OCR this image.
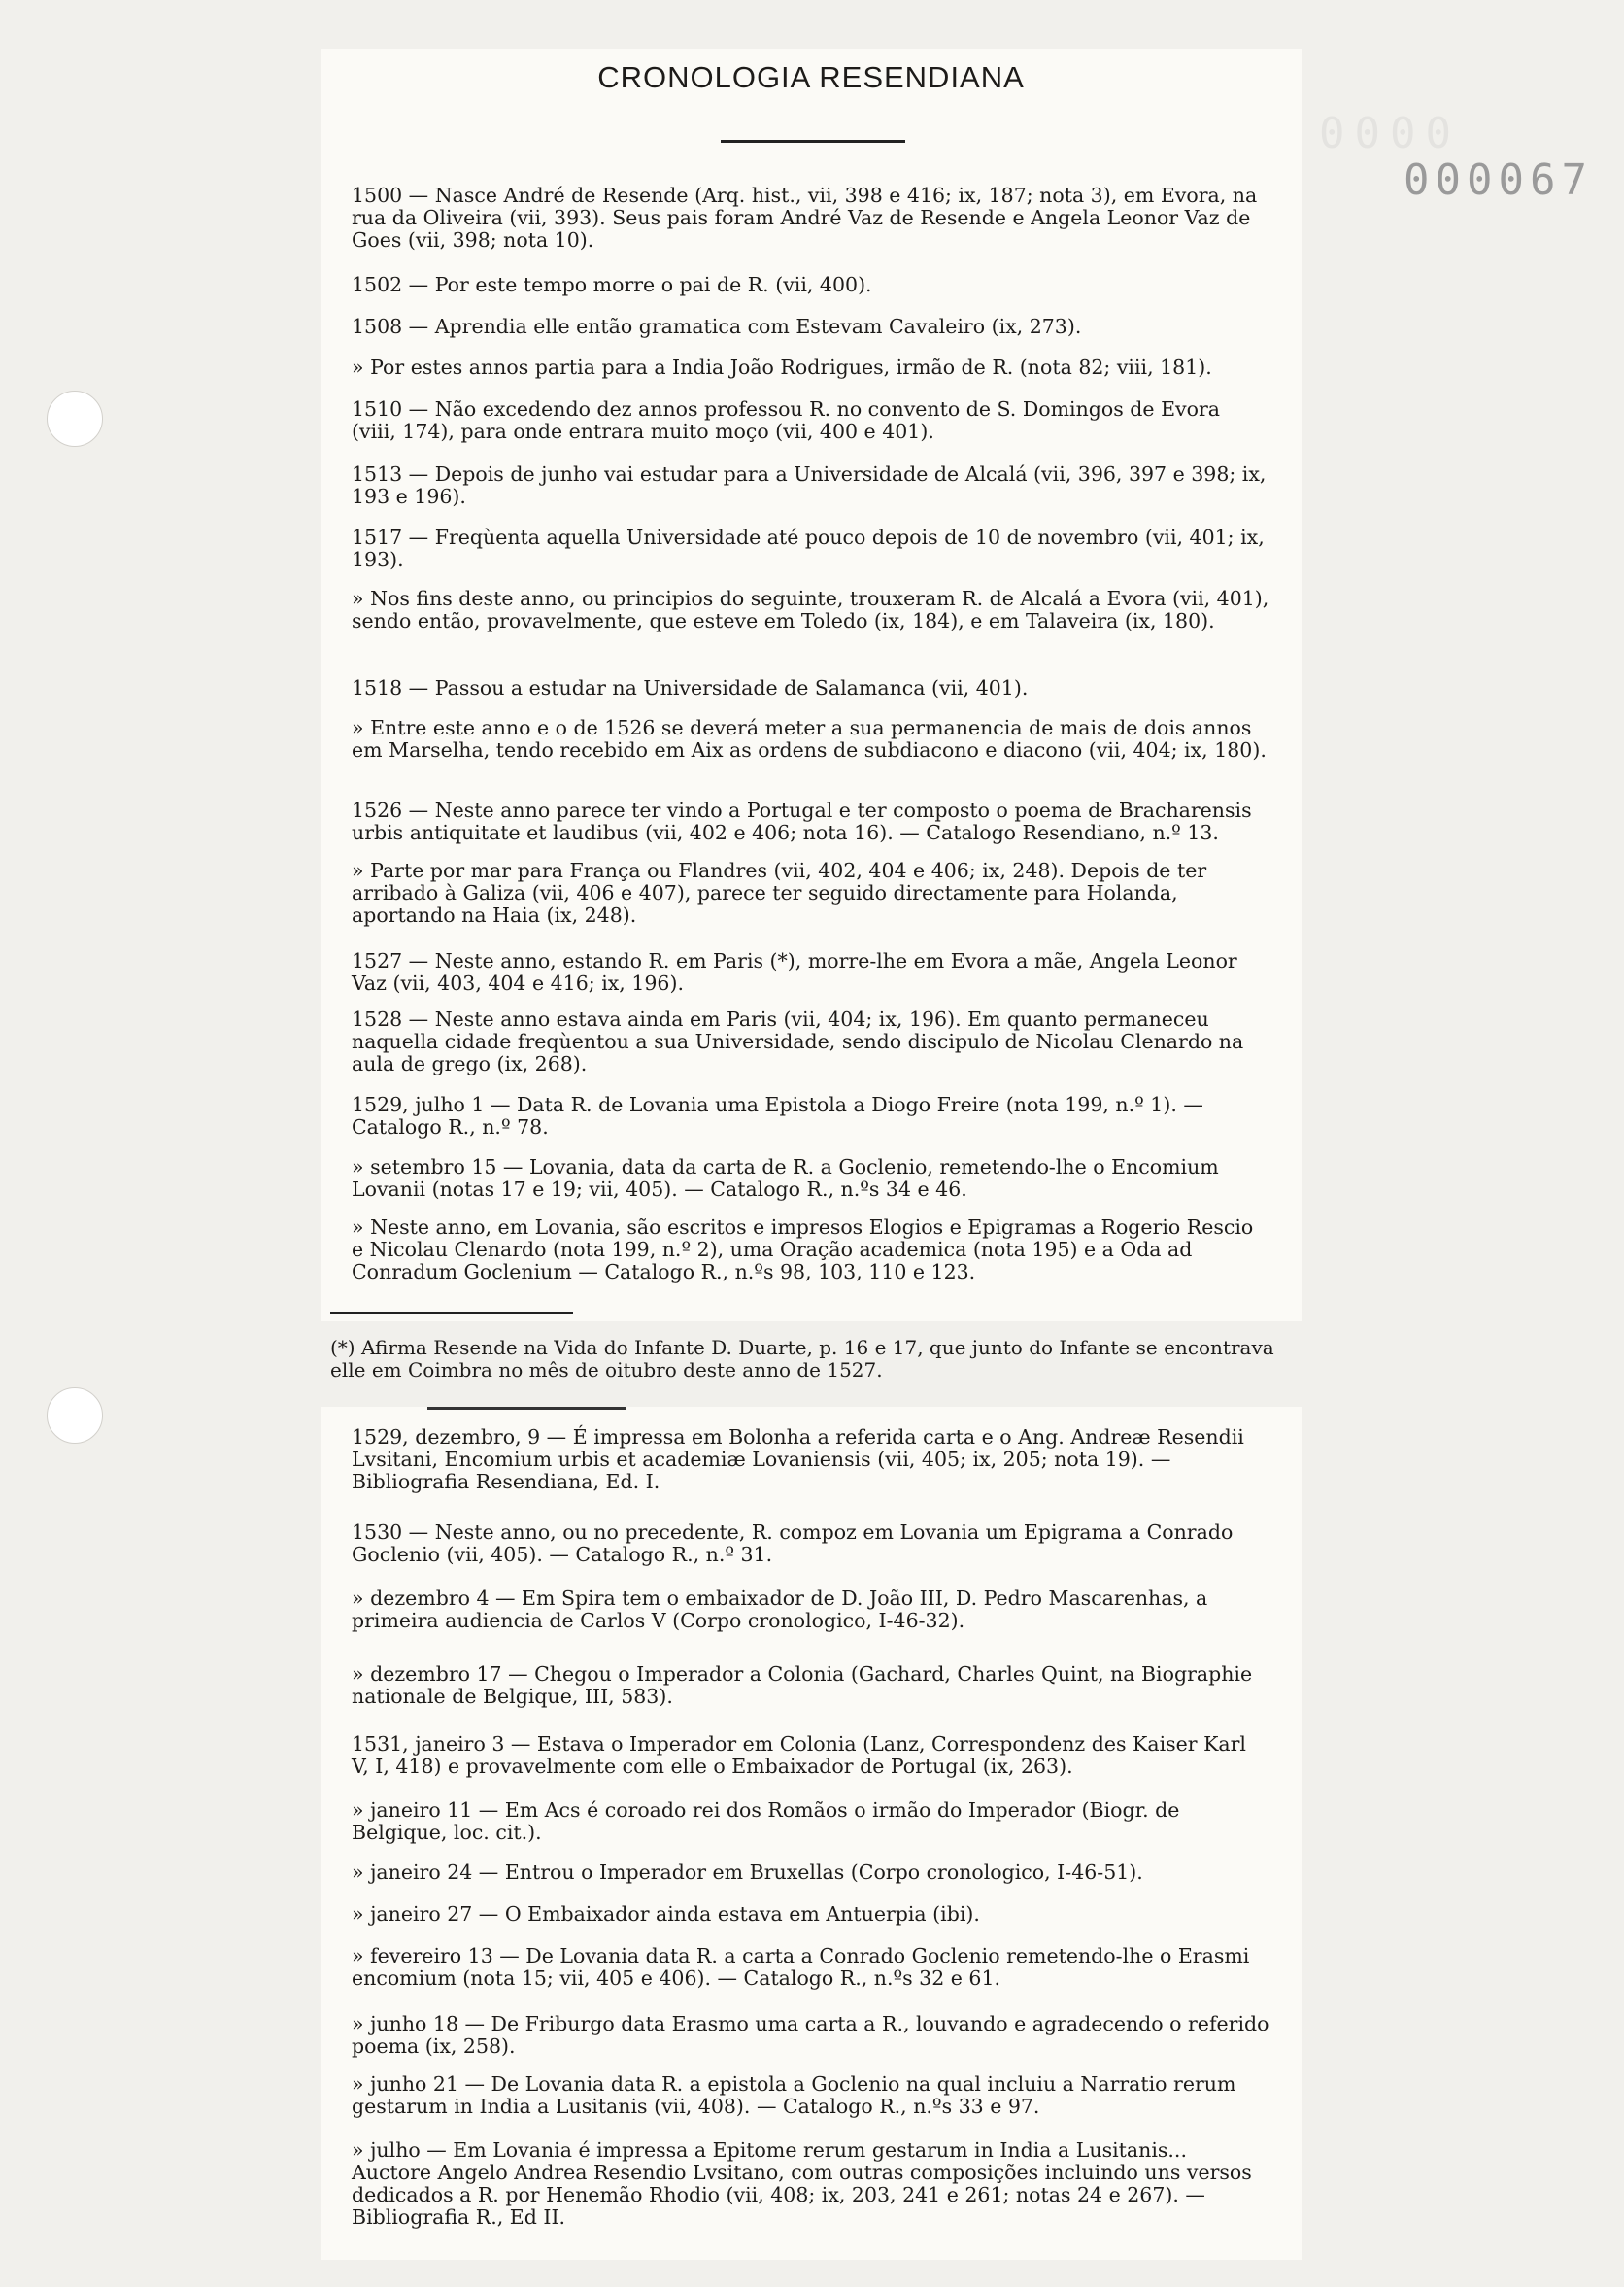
0000
000067
CRONOLOGIA RESENDIANA
1500 — Nasce André de Resende (Arq. hist., vii, 398 e 416; ix, 187; nota 3), em Evora, na rua da Oliveira (vii, 393). Seus pais foram André Vaz de Resende e Angela Leonor Vaz de Goes (vii, 398; nota 10).
1502 — Por este tempo morre o pai de R. (vii, 400).
1508 — Aprendia elle então gramatica com Estevam Cavaleiro (ix, 273).
» Por estes annos partia para a India João Rodrigues, irmão de R. (nota 82; viii, 181).
1510 — Não excedendo dez annos professou R. no convento de S. Domingos de Evora (viii, 174), para onde entrara muito moço (vii, 400 e 401).
1513 — Depois de junho vai estudar para a Universidade de Alcalá (vii, 396, 397 e 398; ix, 193 e 196).
1517 — Freqùenta aquella Universidade até pouco depois de 10 de novembro (vii, 401; ix, 193).
» Nos fins deste anno, ou principios do seguinte, trouxeram R. de Alcalá a Evora (vii, 401), sendo então, provavelmente, que esteve em Toledo (ix, 184), e em Talaveira (ix, 180).
1518 — Passou a estudar na Universidade de Salamanca (vii, 401).
» Entre este anno e o de 1526 se deverá meter a sua permanencia de mais de dois annos em Marselha, tendo recebido em Aix as ordens de subdiacono e diacono (vii, 404; ix, 180).
1526 — Neste anno parece ter vindo a Portugal e ter composto o poema de Bracharensis urbis antiquitate et laudibus (vii, 402 e 406; nota 16). — Catalogo Resendiano, n.º 13.
» Parte por mar para França ou Flandres (vii, 402, 404 e 406; ix, 248). Depois de ter arribado à Galiza (vii, 406 e 407), parece ter seguido directamente para Holanda, aportando na Haia (ix, 248).
1527 — Neste anno, estando R. em Paris (*), morre-lhe em Evora a mãe, Angela Leonor Vaz (vii, 403, 404 e 416; ix, 196).
1528 — Neste anno estava ainda em Paris (vii, 404; ix, 196). Em quanto permaneceu naquella cidade freqùentou a sua Universidade, sendo discipulo de Nicolau Clenardo na aula de grego (ix, 268).
1529, julho 1 — Data R. de Lovania uma Epistola a Diogo Freire (nota 199, n.º 1). — Catalogo R., n.º 78.
» setembro 15 — Lovania, data da carta de R. a Goclenio, remetendo-lhe o Encomium Lovanii (notas 17 e 19; vii, 405). — Catalogo R., n.ºs 34 e 46.
» Neste anno, em Lovania, são escritos e impresos Elogios e Epigramas a Rogerio Rescio e Nicolau Clenardo (nota 199, n.º 2), uma Oração academica (nota 195) e a Oda ad Conradum Goclenium — Catalogo R., n.ºs 98, 103, 110 e 123.
(*) Afirma Resende na Vida do Infante D. Duarte, p. 16 e 17, que junto do Infante se encontrava elle em Coimbra no mês de oitubro deste anno de 1527.
1529, dezembro, 9 — É impressa em Bolonha a referida carta e o Ang. Andreæ Resendii Lvsitani, Encomium urbis et academiæ Lovaniensis (vii, 405; ix, 205; nota 19). — Bibliografia Resendiana, Ed. I.
1530 — Neste anno, ou no precedente, R. compoz em Lovania um Epigrama a Conrado Goclenio (vii, 405). — Catalogo R., n.º 31.
» dezembro 4 — Em Spira tem o embaixador de D. João III, D. Pedro Mascarenhas, a primeira audiencia de Carlos V (Corpo cronologico, I-46-32).
» dezembro 17 — Chegou o Imperador a Colonia (Gachard, Charles Quint, na Biographie nationale de Belgique, III, 583).
1531, janeiro 3 — Estava o Imperador em Colonia (Lanz, Correspondenz des Kaiser Karl V, I, 418) e provavelmente com elle o Embaixador de Portugal (ix, 263).
» janeiro 11 — Em Acs é coroado rei dos Romãos o irmão do Imperador (Biogr. de Belgique, loc. cit.).
» janeiro 24 — Entrou o Imperador em Bruxellas (Corpo cronologico, I-46-51).
» janeiro 27 — O Embaixador ainda estava em Antuerpia (ibi).
» fevereiro 13 — De Lovania data R. a carta a Conrado Goclenio remetendo-lhe o Erasmi encomium (nota 15; vii, 405 e 406). — Catalogo R., n.ºs 32 e 61.
» junho 18 — De Friburgo data Erasmo uma carta a R., louvando e agradecendo o referido poema (ix, 258).
» junho 21 — De Lovania data R. a epistola a Goclenio na qual incluiu a Narratio rerum gestarum in India a Lusitanis (vii, 408). — Catalogo R., n.ºs 33 e 97.
» julho — Em Lovania é impressa a Epitome rerum gestarum in India a Lusitanis... Auctore Angelo Andrea Resendio Lvsitano, com outras composições incluindo uns versos dedicados a R. por Henemão Rhodio (vii, 408; ix, 203, 241 e 261; notas 24 e 267). — Bibliografia R., Ed II.
